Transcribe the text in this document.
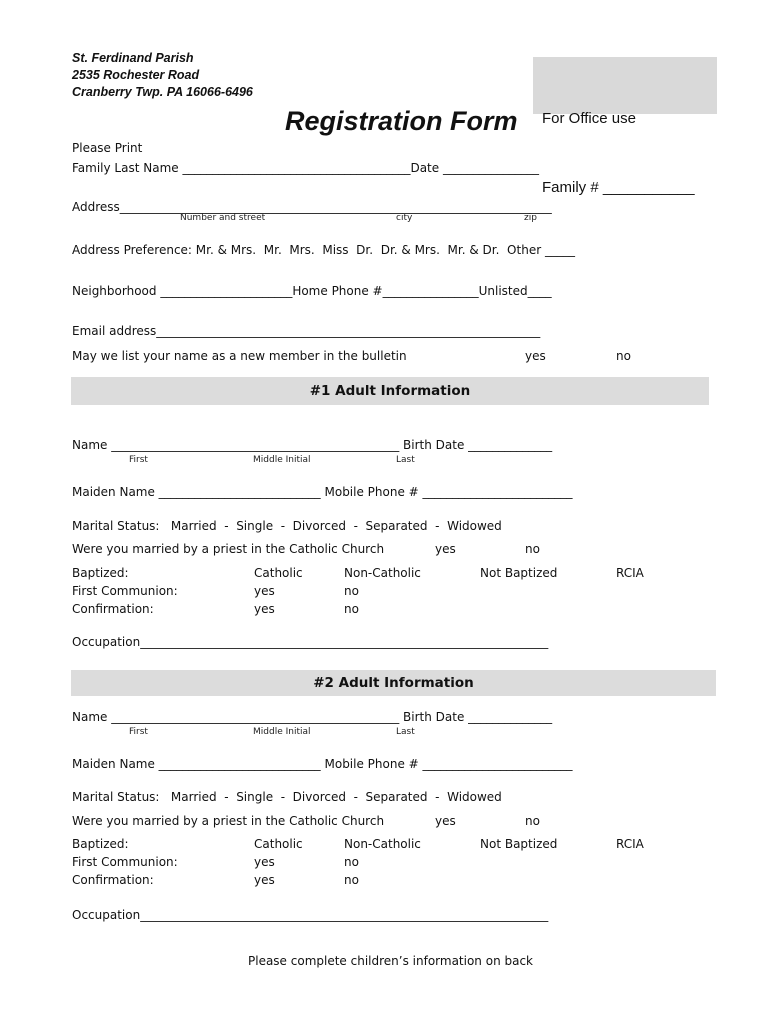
St. Ferdinand Parish
2535 Rochester Road
Cranberry Twp. PA 16066-6496

For Office use

Family # ___________

Registration Form
Please Print
Family Last Name ______________________________________Date ________________
Address________________________________________________________________________
Number and street	city	zip
Address Preference: Mr. & Mrs.  Mr.  Mrs.  Miss  Dr.  Dr. & Mrs.  Mr. & Dr.  Other _____
Neighborhood ______________________Home Phone #________________Unlisted____
Email address________________________________________________________________
May we list your name as a new member in the bulletin	yes	no
#1 Adult Information
Name ________________________________________________ Birth Date ______________
First	Middle Initial	Last
Maiden Name ___________________________ Mobile Phone # _________________________
Marital Status:   Married  -  Single  -  Divorced  -  Separated  -  Widowed
Were you married by a priest in the Catholic Church	yes	no
Baptized:	Catholic	Non-Catholic	Not Baptized	RCIA
First Communion:	yes	no
Confirmation:	yes	no
Occupation____________________________________________________________________
#2 Adult Information
Name ________________________________________________ Birth Date ______________
First	Middle Initial	Last
Maiden Name ___________________________ Mobile Phone # _________________________
Marital Status:   Married  -  Single  -  Divorced  -  Separated  -  Widowed
Were you married by a priest in the Catholic Church	yes	no
Baptized:	Catholic	Non-Catholic	Not Baptized	RCIA
First Communion:	yes	no
Confirmation:	yes	no
Occupation____________________________________________________________________
Please complete children’s information on back
